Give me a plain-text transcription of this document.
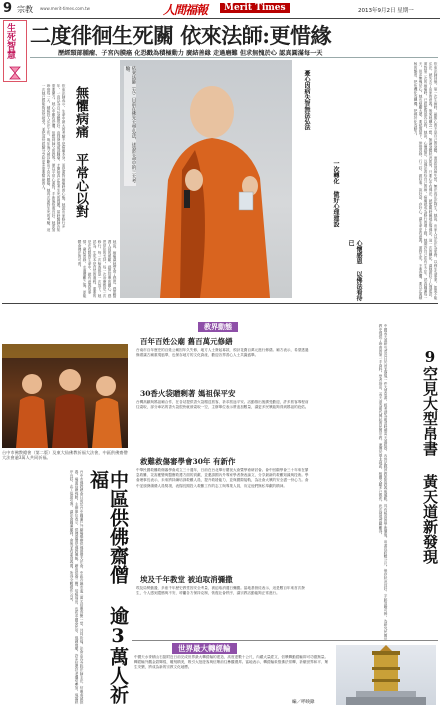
9 宗教 www.merit-times.com.tw	人間福報	Merit Times	2013年9月2日 星期一
生死智慧 二度徘徊生死關 依來法師:更惜緣
歷經頸部腫瘤、子宮內膜癌 化恐戳為積極動力 廣結善緣 走過磨難 但求無愧於心 認真圓滿每一天
依來法師表示，生命中最大的考驗不是病痛本身，而是面對病痛時的心態。她說出家修行多年，一直以為自己身體很好，直到發現頸部腫瘤，才開始真正思考生死的問題。當時醫師告知需要開刀，她心中雖有恐懼，但想到師父的教導，便以平常心面對。手術後恢復良好，她更加珍惜每一天，積極投入弘法工作。幾年後又被診斷出子宮內膜癌，她再次面對生死的考驗，這一次她已經能夠坦然接受，並把這份經驗分享給更多需要幫助的人。	無懼病痛 平常心以對
她說，病痛讓她學會了感恩，感恩醫護人員的照顧，感恩信眾的關心，感恩常住的支持。每一次治療都是一次修行，每一次檢查都是一次放下。她認為，生死本是自然的過程，重要的是在有限的生命中，做有意義的事情，廣結善緣，走過磨難之後，更能體會佛法的可貴。
依來法師（左）目前在佛光大學弘法，述說生命中的三大考驗。	依來法師回憶，第一次生病時，最擔心的不是自己的身體，而是怕因病失智，無法再弘法利生。她說，出家人以弘法為家務，以利生為事業，如果不能弘法，就失去了出家的意義。後來她轉念一想，無論身體狀況如何，只要心中有佛法，就能隨時隨地弘揚佛法。這一次的轉化，讓她做好了心理建設，面對第二次的病痛時，已經能夠從容以對。她說，心懷感恩，以佛法看待自己的病，病痛就成為修行的增上緣。她期許自己在有生之年，認真圓滿每一天，但求無愧於心。她也勉勵大眾，要把握當下，珍惜因緣，行三好，做好事、說好話、存好心，讓生命更有意義。面對生死，不要恐懼，要以正面積極的態度，把危機化為轉機，把挫折化為動力。
憂心因病失智無法弘法
一次轉化 做好心理建設
心懷感恩 以佛法看待已
台中市佛教總會（第二版）及東大仙佛教祈福大法會，中區供佛齋僧大法會逾3萬人共同祈福。
台中市佛教總會日前於台中圓滿戶外劇場舉辦供佛齋僧大法會，中區各縣市逾三萬名信眾齊聚一堂，共同祈福。法會由各寺院法師主法，信眾虔誠供養，場面莊嚴殊勝。主辦單位表示，供佛齋僧是佛教傳統，藉由供養三寶，培植福田，也祈求國泰民安、風調雨順。許多信眾扶老攜幼參加，現場秩序良好，志工協助引導，讓法會圓滿順利。會後並有素食義賣，所得全數捐作公益。	中區供佛齋僧 逾3萬人祈福
教界動態
百年百姓公廟 舊百萬元修繕
台南市百年歷史的百姓公廟因年久失修，地方人士發起募款，預計花費百萬元進行修繕。廟方表示，希望透過修繕讓古廟重現風華，也保存地方的文化資產，歡迎各界善心人士共襄盛舉。
30香火袋贈剩著 媽祖保平安
台灣高鐵與媽祖廟合作，在各站提供香火袋贈送旅客，祈求旅途平安。活動推出後廣受歡迎，許多旅客專程前往索取，部分車站的香火袋很快就被索取一空，主辦單位表示將追加數量，讓更多民眾能夠得到媽祖的庇佑。
救難救傷審學會30年 有新作
中華民國救難救傷審學會成立三十週年，日前在台北舉行慶祝大會暨學術研討會。會中回顧學會三十年來在緊急救難、災害應變與醫療救護方面的貢獻，並邀請國內外專家學者發表論文，分享最新的救難知識與技術。學會理事長表示，未來將持續培訓救難人員，提升救援能力，並與國際接軌，為社會大眾的安全盡一份心力。會中並頒發績優人員獎項，表揚長期投入救難工作的志工與專業人員，肯定他們無私奉獻的精神。
埃及千年教堂 被迫取消彌撒
埃及局勢動盪，多座千年歷史教堂因安全考量，被迫取消週日彌撒。當地基督徒表示，這是數百年來首次發生，令人感到遺憾與不安，呼籲各方保持克制，恢復社會秩序，讓宗教活動能夠正常進行。	中國黃天道研究者近日於河北發現一件大型帛書，經考證為明清時期黃天道經卷，內容記載該教派的教義與儀軌，具有極高的學術價值。帛書長約數公尺，保存狀況良好，字跡清晰可辨，為研究民間宗教史提供了珍貴的第一手資料。學者指出，黃天道為明代興起的民間宗教，流傳於華北地區，相關文獻多已散佚，此次發現實屬難得。	9空見大型帛書 黃天道新發現
世界最大轉經輪
中國天水麥積山石窟附近日前完成世界最大轉經輪的建造，高度達數十公尺，內藏大量經文，信眾轉動經輪即可功德無量。轉經輪外觀金碧輝煌，雕刻精美，吸引大批遊客與信眾前往參觀禮拜。當地表示，轉經輪象徵佛法常轉，祈願世界和平、眾生安樂，將成為新的宗教文化地標。
編／呼映錄
